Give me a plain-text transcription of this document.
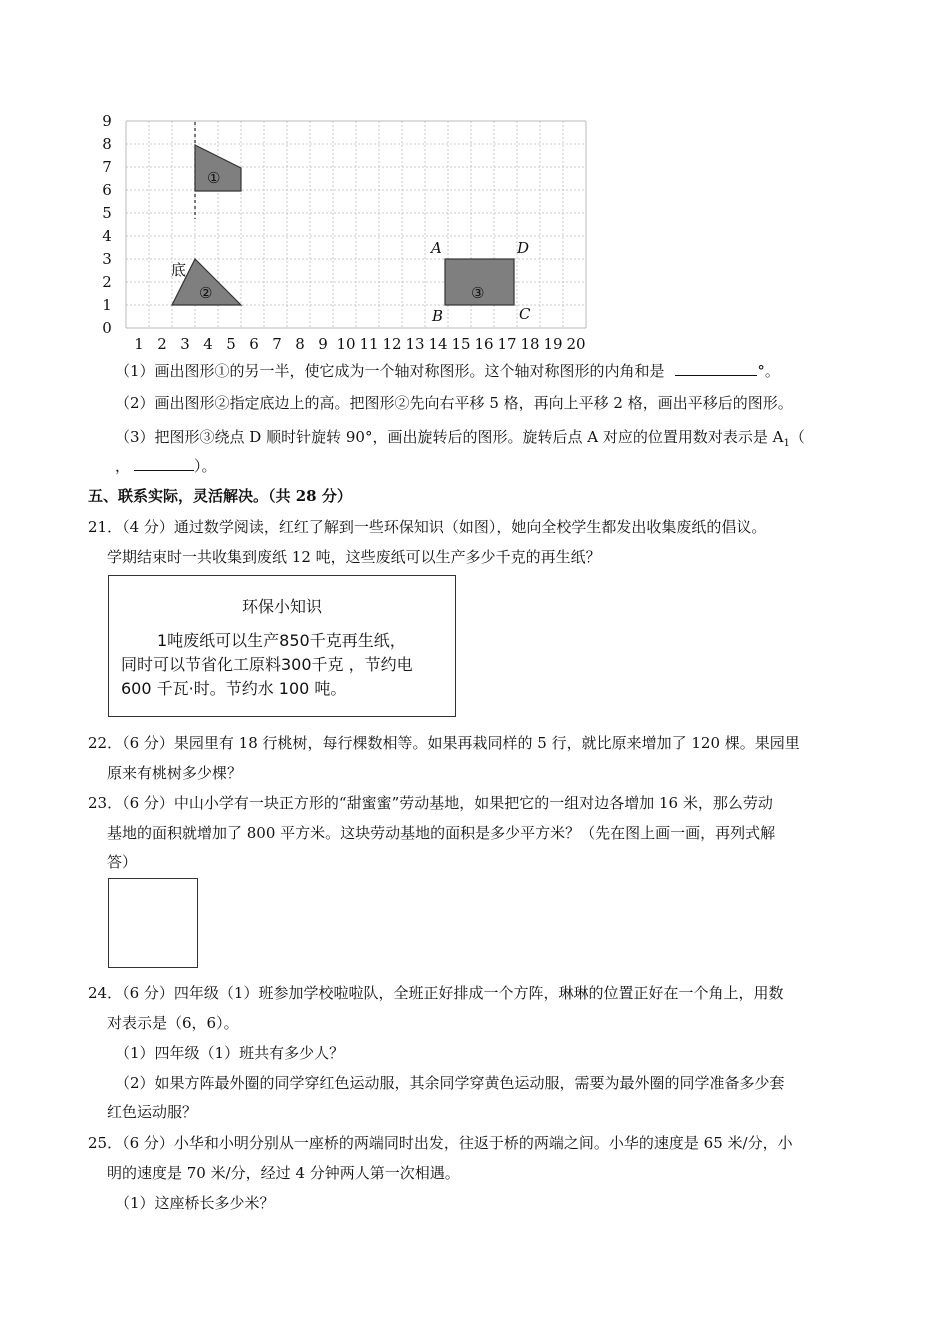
①
②
底
③
A	D
B	C
0
1
2
3
4
5
6
7
8
9
1 2 3 4 5 6 7 8 9 10 11 12 13 14 15 16 17 18 19 20
（1）画出图形①的另一半，使它成为一个轴对称图形。这个轴对称图形的内角和是	°。
（2）画出图形②指定底边上的高。把图形②先向右平移 5 格，再向上平移 2 格，画出平移后的图形。
（3）把图形③绕点 D 顺时针旋转 90°，画出旋转后的图形。旋转后点 A 对应的位置用数对表示是 $A_1$（
，	）。
五、联系实际，灵活解决。（共 28 分）
21．（4 分）通过数学阅读，红红了解到一些环保知识（如图），她向全校学生都发出收集废纸的倡议。
学期结束时一共收集到废纸 12 吨，这些废纸可以生产多少千克的再生纸？
环保小知识
1吨废纸可以生产850千克再生纸，
同时可以节省化工原料300千克 ，节约电
600 千瓦·时。节约水 100 吨。
22．（6 分）果园里有 18 行桃树，每行棵数相等。如果再栽同样的 5 行，就比原来增加了 120 棵。果园里
原来有桃树多少棵？
23．（6 分）中山小学有一块正方形的“甜蜜蜜”劳动基地，如果把它的一组对边各增加 16 米，那么劳动
基地的面积就增加了 800 平方米。这块劳动基地的面积是多少平方米？（先在图上画一画，再列式解
答）
24．（6 分）四年级（1）班参加学校啦啦队，全班正好排成一个方阵，琳琳的位置正好在一个角上，用数
对表示是（6，6）。
（1）四年级（1）班共有多少人？
（2）如果方阵最外圈的同学穿红色运动服，其余同学穿黄色运动服，需要为最外圈的同学准备多少套
红色运动服？
25．（6 分）小华和小明分别从一座桥的两端同时出发，往返于桥的两端之间。小华的速度是 65 米/分，小
明的速度是 70 米/分，经过 4 分钟两人第一次相遇。
（1）这座桥长多少米？
